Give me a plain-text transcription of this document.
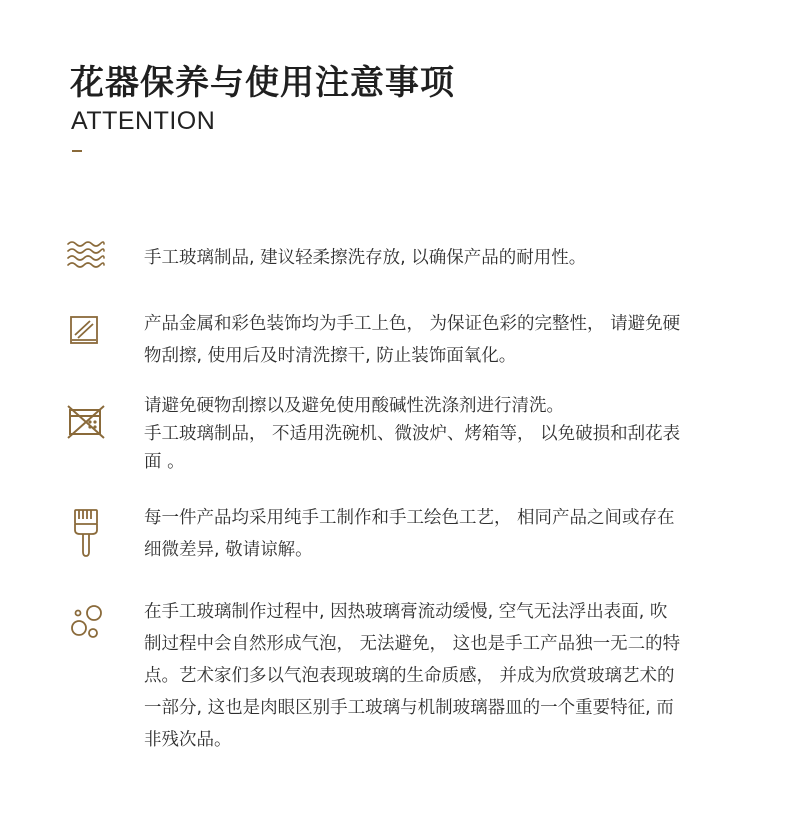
花器保养与使用注意事项
ATTENTION

手工玻璃制品, 建议轻柔擦洗存放, 以确保产品的耐用性。

产品金属和彩色装饰均为手工上色， 为保证色彩的完整性， 请避免硬

物刮擦, 使用后及时清洗擦干, 防止装饰面氧化。

请避免硬物刮擦以及避免使用酸碱性洗涤剂进行清洗。

手工玻璃制品， 不适用洗碗机、微波炉、烤箱等， 以免破损和刮花表

面 。

每一件产品均采用纯手工制作和手工绘色工艺， 相同产品之间或存在

细微差异, 敬请谅解。

在手工玻璃制作过程中, 因热玻璃膏流动缓慢, 空气无法浮出表面, 吹

制过程中会自然形成气泡， 无法避免， 这也是手工产品独一无二的特

点。艺术家们多以气泡表现玻璃的生命质感， 并成为欣赏玻璃艺术的

一部分, 这也是肉眼区别手工玻璃与机制玻璃器皿的一个重要特征, 而

非残次品。
